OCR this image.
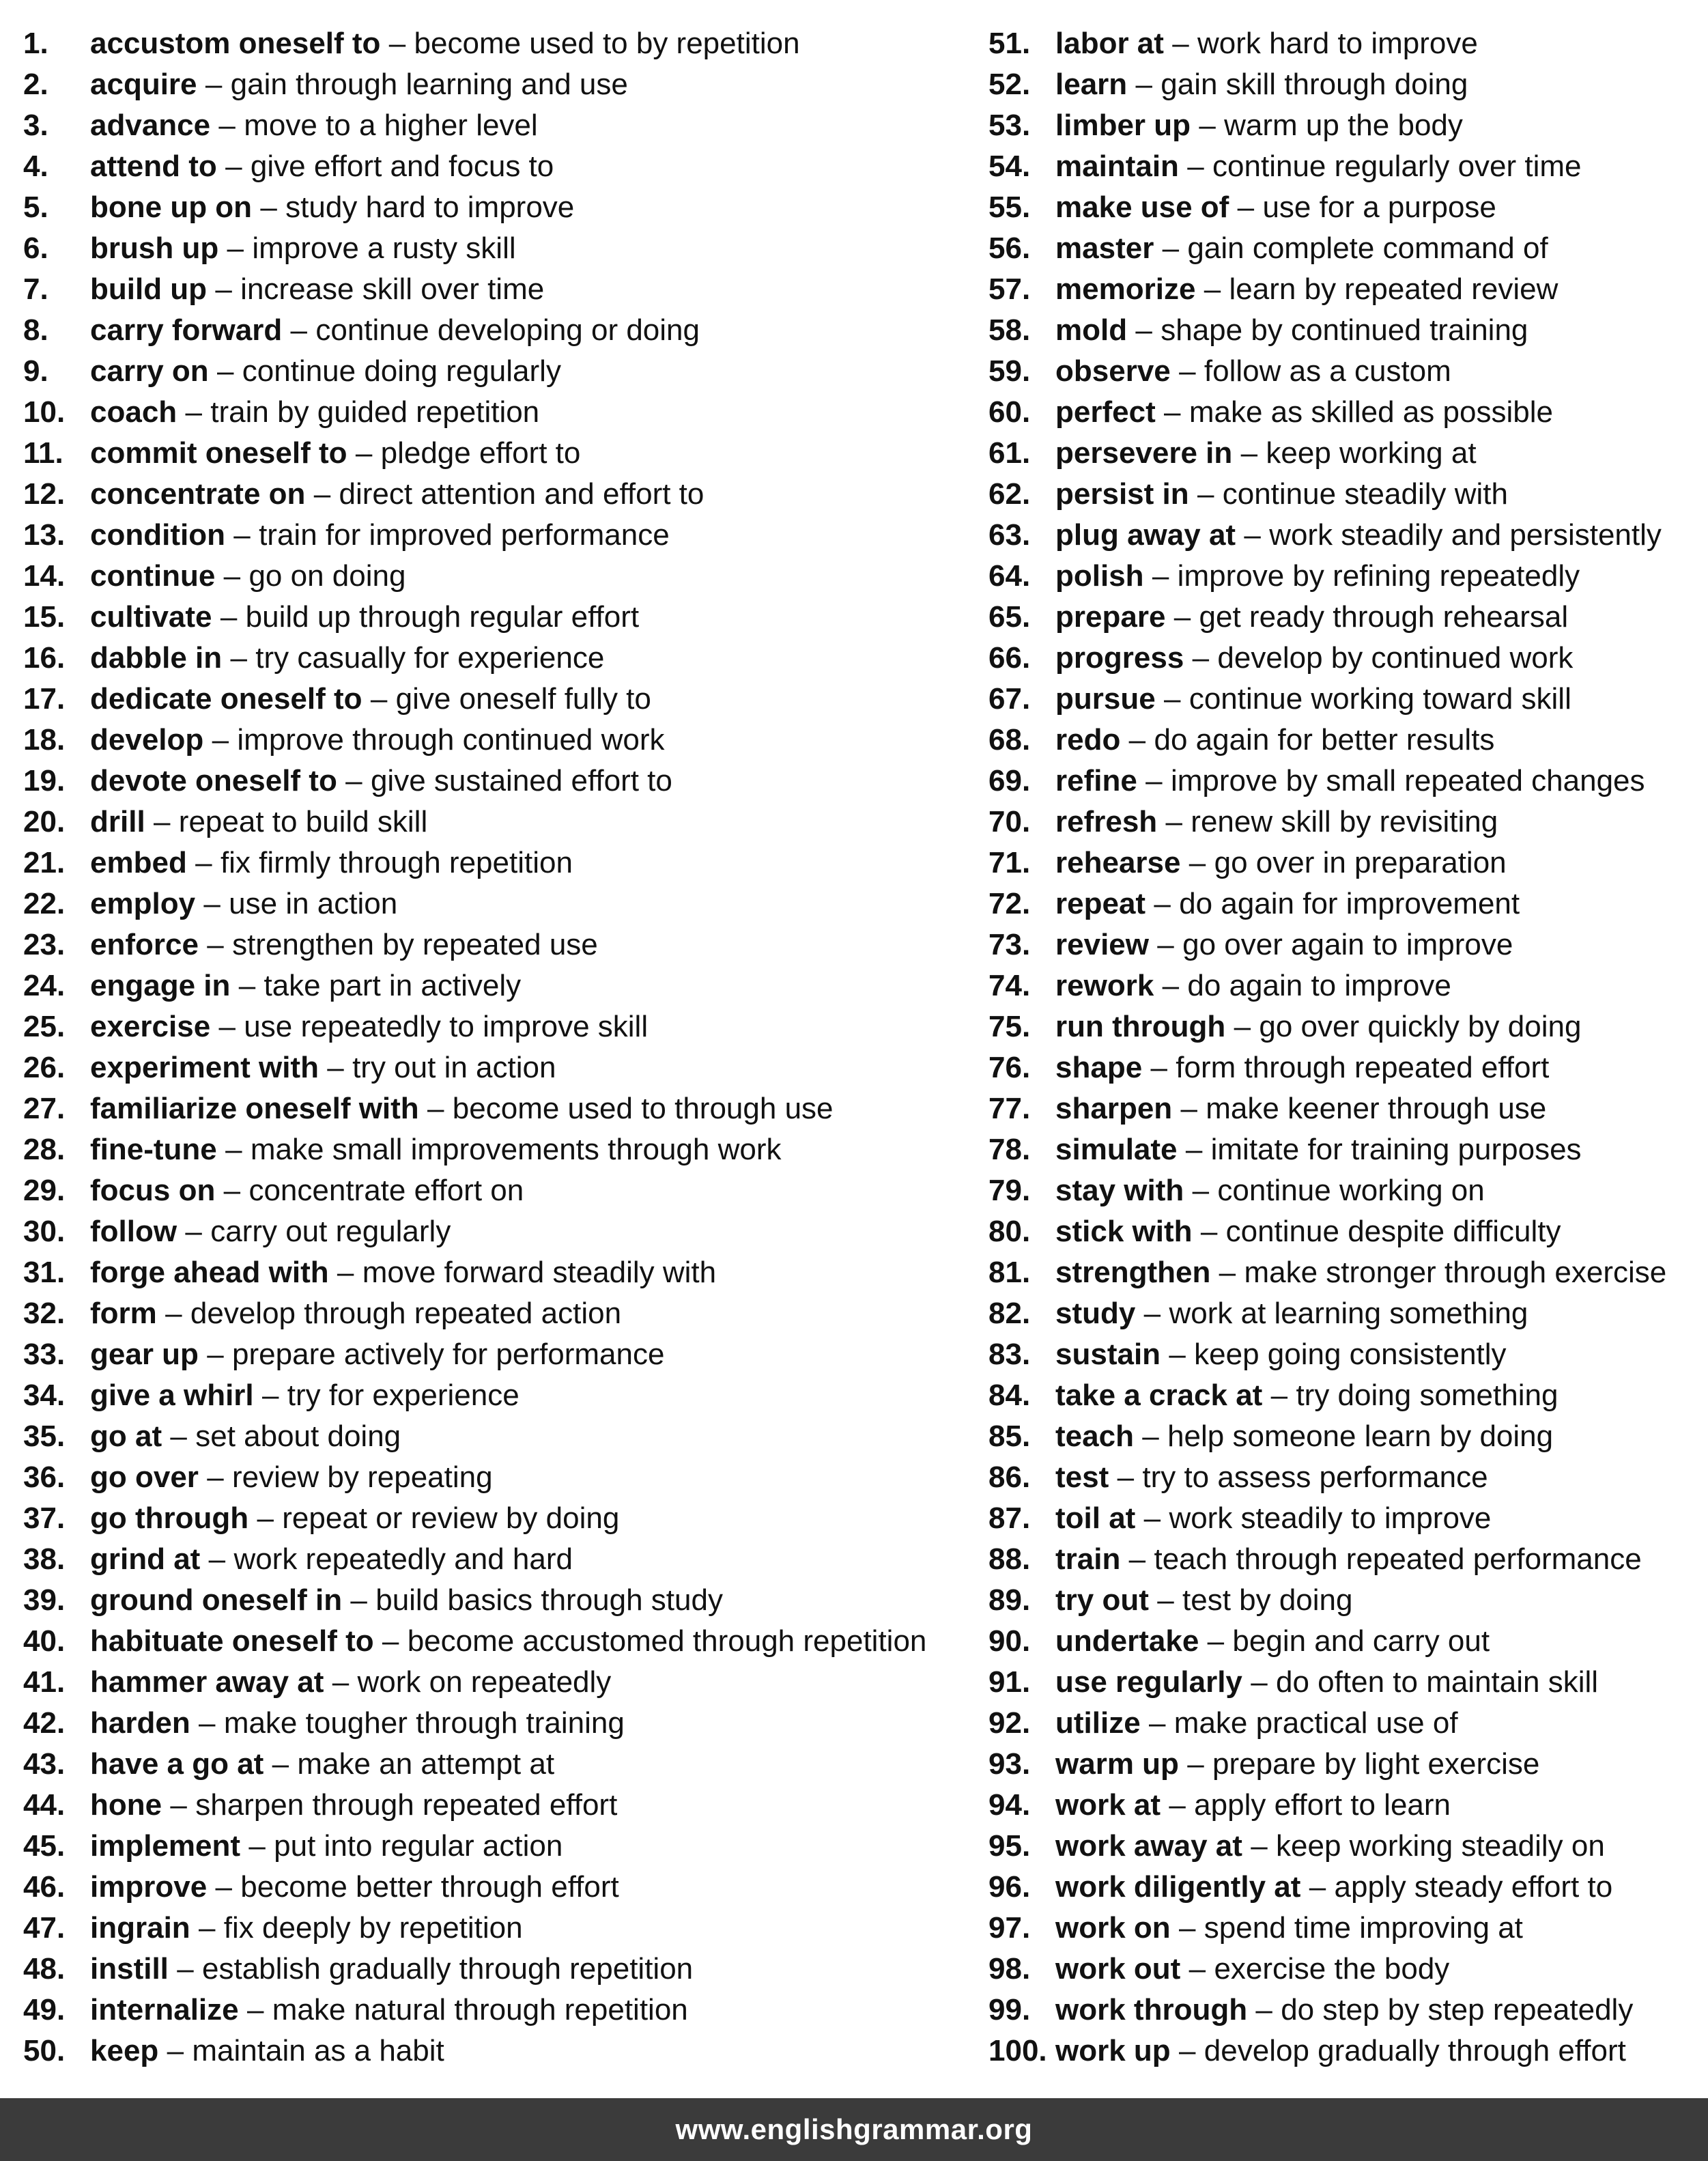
1.	accustom oneself to – become used to by repetition
2.	acquire – gain through learning and use
3.	advance – move to a higher level
4.	attend to – give effort and focus to
5.	bone up on – study hard to improve
6.	brush up – improve a rusty skill
7.	build up – increase skill over time
8.	carry forward – continue developing or doing
9.	carry on – continue doing regularly
10. coach – train by guided repetition
11. commit oneself to – pledge effort to
12. concentrate on – direct attention and effort to
13. condition – train for improved performance
14. continue – go on doing
15. cultivate – build up through regular effort
16. dabble in – try casually for experience
17. dedicate oneself to – give oneself fully to
18. develop – improve through continued work
19. devote oneself to – give sustained effort to
20. drill – repeat to build skill
21. embed – fix firmly through repetition
22. employ – use in action
23. enforce – strengthen by repeated use
24. engage in – take part in actively
25. exercise – use repeatedly to improve skill
26. experiment with – try out in action
27. familiarize oneself with – become used to through use
28. fine-tune – make small improvements through work
29. focus on – concentrate effort on
30. follow – carry out regularly
31. forge ahead with – move forward steadily with
32. form – develop through repeated action
33. gear up – prepare actively for performance
34. give a whirl – try for experience
35. go at – set about doing
36. go over – review by repeating
37. go through – repeat or review by doing
38. grind at – work repeatedly and hard
39. ground oneself in – build basics through study
40. habituate oneself to – become accustomed through repetition
41. hammer away at – work on repeatedly
42. harden – make tougher through training
43. have a go at – make an attempt at
44. hone – sharpen through repeated effort
45. implement – put into regular action
46. improve – become better through effort
47. ingrain – fix deeply by repetition
48. instill – establish gradually through repetition
49. internalize – make natural through repetition
50. keep – maintain as a habit
51. labor at – work hard to improve
52. learn – gain skill through doing
53. limber up – warm up the body
54. maintain – continue regularly over time
55. make use of – use for a purpose
56. master – gain complete command of
57. memorize – learn by repeated review
58. mold – shape by continued training
59. observe – follow as a custom
60. perfect – make as skilled as possible
61. persevere in – keep working at
62. persist in – continue steadily with
63. plug away at – work steadily and persistently
64. polish – improve by refining repeatedly
65. prepare – get ready through rehearsal
66. progress – develop by continued work
67. pursue – continue working toward skill
68. redo – do again for better results
69. refine – improve by small repeated changes
70. refresh – renew skill by revisiting
71. rehearse – go over in preparation
72. repeat – do again for improvement
73. review – go over again to improve
74. rework – do again to improve
75. run through – go over quickly by doing
76. shape – form through repeated effort
77. sharpen – make keener through use
78. simulate – imitate for training purposes
79. stay with – continue working on
80. stick with – continue despite difficulty
81. strengthen – make stronger through exercise
82. study – work at learning something
83. sustain – keep going consistently
84. take a crack at – try doing something
85. teach – help someone learn by doing
86. test – try to assess performance
87. toil at – work steadily to improve
88. train – teach through repeated performance
89. try out – test by doing
90. undertake – begin and carry out
91. use regularly – do often to maintain skill
92. utilize – make practical use of
93. warm up – prepare by light exercise
94. work at – apply effort to learn
95. work away at – keep working steadily on
96. work diligently at – apply steady effort to
97. work on – spend time improving at
98. work out – exercise the body
99. work through – do step by step repeatedly
100. work up – develop gradually through effort
www.englishgrammar.org
